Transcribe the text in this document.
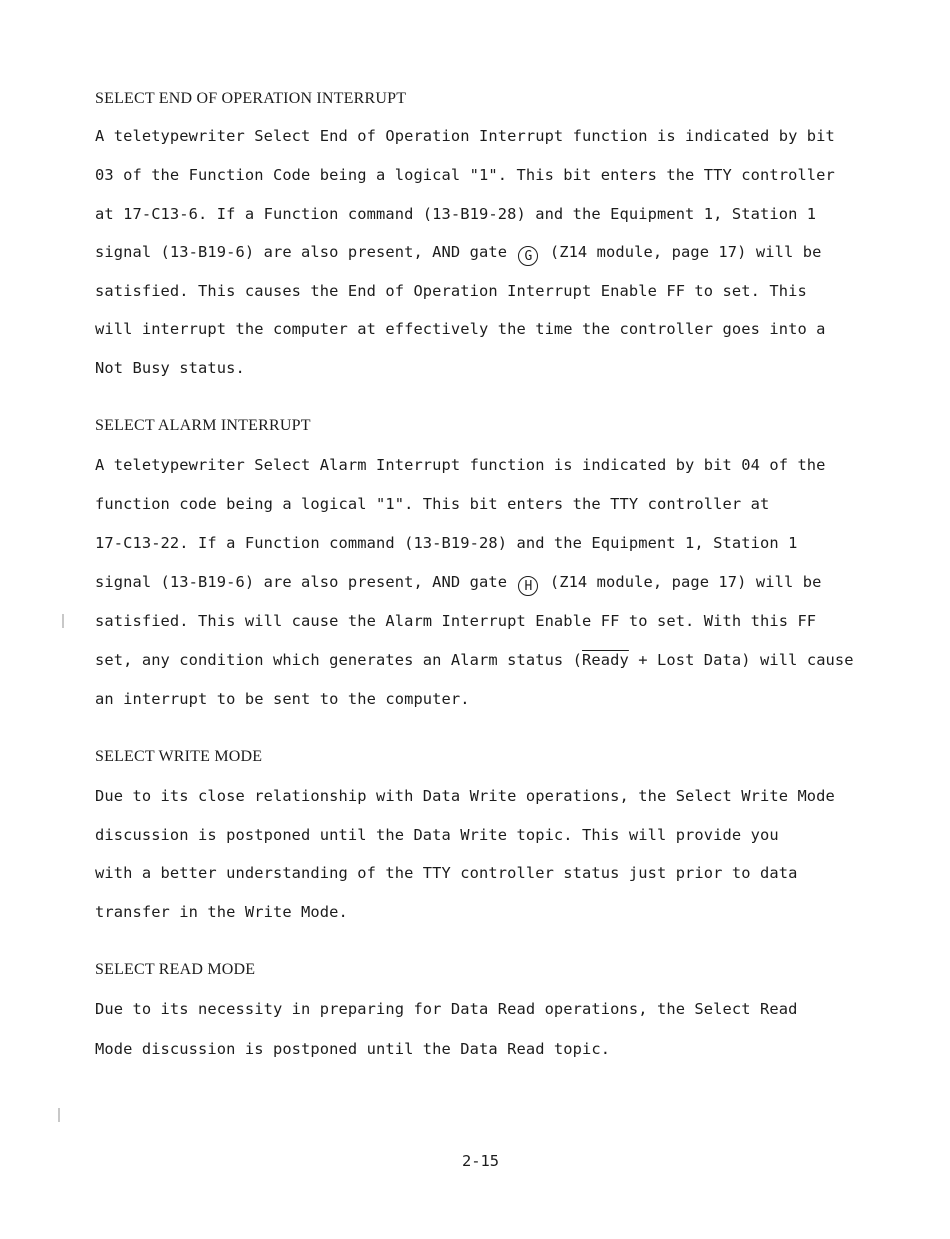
SELECT END OF OPERATION INTERRUPT
A teletypewriter Select End of Operation Interrupt function is indicated by bit
03 of the Function Code being a logical "1". This bit enters the TTY controller
at 17-C13-6. If a Function command (13-B19-28) and the Equipment 1, Station 1
signal (13-B19-6) are also present, AND gate G (Z14 module, page 17) will be
satisfied. This causes the End of Operation Interrupt Enable FF to set. This
will interrupt the computer at effectively the time the controller goes into a
Not Busy status.
SELECT ALARM INTERRUPT
A teletypewriter Select Alarm Interrupt function is indicated by bit 04 of the
function code being a logical "1". This bit enters the TTY controller at
17-C13-22. If a Function command (13-B19-28) and the Equipment 1, Station 1
signal (13-B19-6) are also present, AND gate H (Z14 module, page 17) will be
satisfied. This will cause the Alarm Interrupt Enable FF to set. With this FF
set, any condition which generates an Alarm status (Ready + Lost Data) will cause
an interrupt to be sent to the computer.
SELECT WRITE MODE
Due to its close relationship with Data Write operations, the Select Write Mode
discussion is postponed until the Data Write topic. This will provide you
with a better understanding of the TTY controller status just prior to data
transfer in the Write Mode.
SELECT READ MODE
Due to its necessity in preparing for Data Read operations, the Select Read
Mode discussion is postponed until the Data Read topic.
2-15
